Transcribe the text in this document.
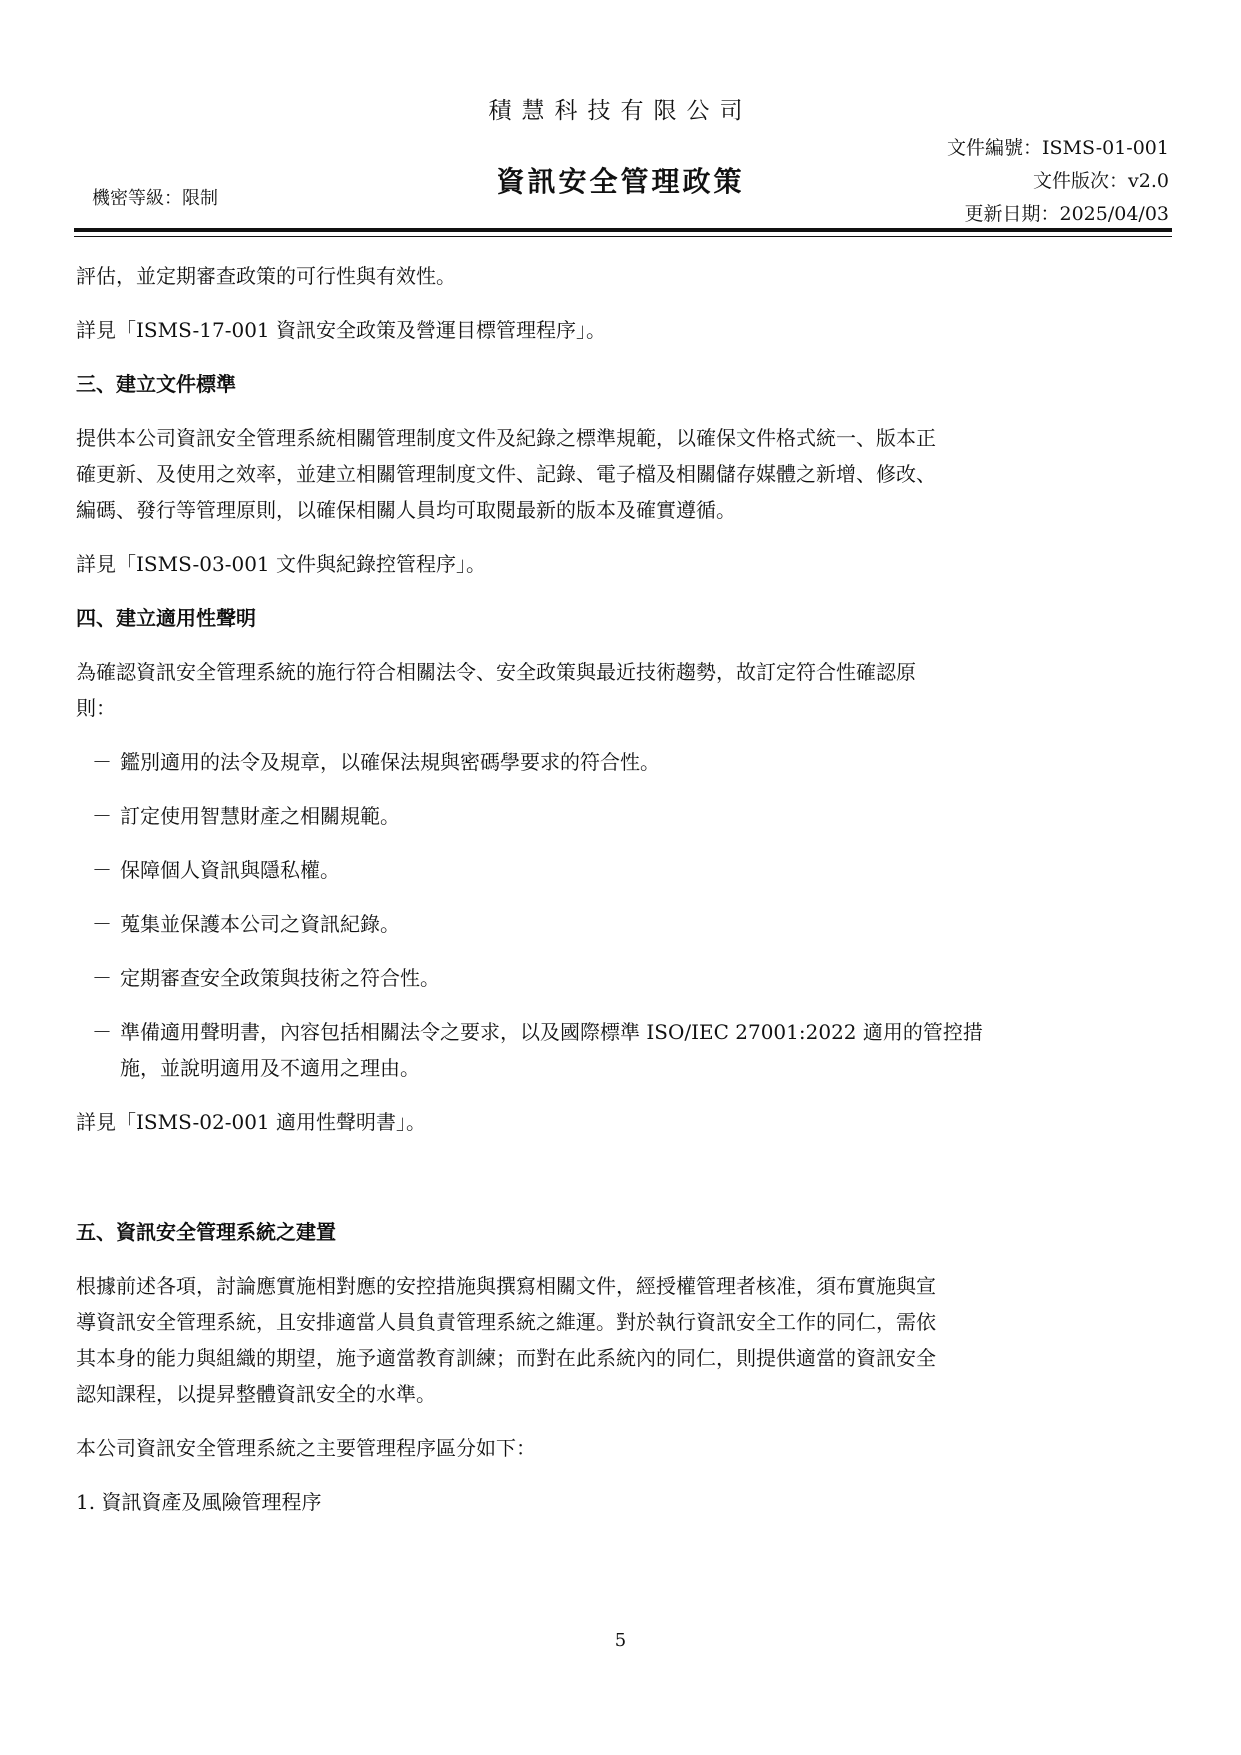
積慧科技有限公司
機密等級：限制
資訊安全管理政策
文件編號：ISMS-01-001
文件版次：v2.0
更新日期：2025/04/03

評估，並定期審查政策的可行性與有效性。

詳見「ISMS-17-001 資訊安全政策及營運目標管理程序」。

三、建立文件標準

提供本公司資訊安全管理系統相關管理制度文件及紀錄之標準規範，以確保文件格式統一、版本正

確更新、及使用之效率，並建立相關管理制度文件、記錄、電子檔及相關儲存媒體之新增、修改、

編碼、發行等管理原則，以確保相關人員均可取閱最新的版本及確實遵循。

詳見「ISMS-03-001 文件與紀錄控管程序」。

四、建立適用性聲明

為確認資訊安全管理系統的施行符合相關法令、安全政策與最近技術趨勢，故訂定符合性確認原

則：

－ 鑑別適用的法令及規章，以確保法規與密碼學要求的符合性。
－ 訂定使用智慧財產之相關規範。
－ 保障個人資訊與隱私權。
－ 蒐集並保護本公司之資訊紀錄。
－ 定期審查安全政策與技術之符合性。
－ 準備適用聲明書，內容包括相關法令之要求，以及國際標準 ISO/IEC 27001:2022 適用的管控措
施，並說明適用及不適用之理由。

詳見「ISMS-02-001 適用性聲明書」。

五、資訊安全管理系統之建置

根據前述各項，討論應實施相對應的安控措施與撰寫相關文件，經授權管理者核准，須布實施與宣

導資訊安全管理系統，且安排適當人員負責管理系統之維運。對於執行資訊安全工作的同仁，需依

其本身的能力與組織的期望，施予適當教育訓練；而對在此系統內的同仁，則提供適當的資訊安全

認知課程，以提昇整體資訊安全的水準。

本公司資訊安全管理系統之主要管理程序區分如下：

1. 資訊資產及風險管理程序

5
